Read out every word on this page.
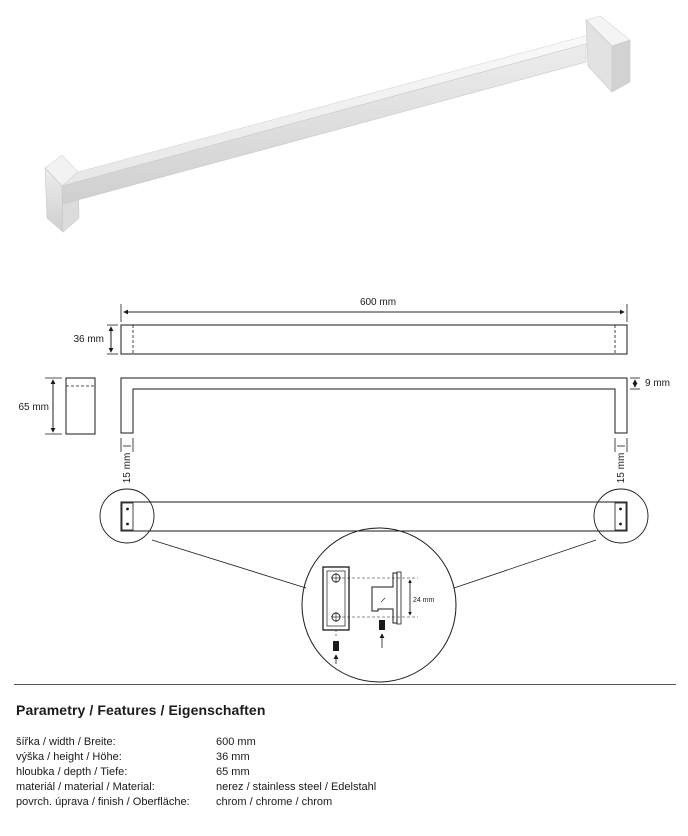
600 mm
36 mm
9 mm
65 mm
15 mm	15 mm
24 mm
Parametry / Features / Eigenschaften
šířka / width / Breite:	600 mm
výška / height / Höhe:	36 mm
hloubka / depth / Tiefe:	65 mm
materiál / material / Material:	nerez / stainless steel / Edelstahl
povrch. úprava / finish / Oberfläche:	chrom / chrome / chrom
